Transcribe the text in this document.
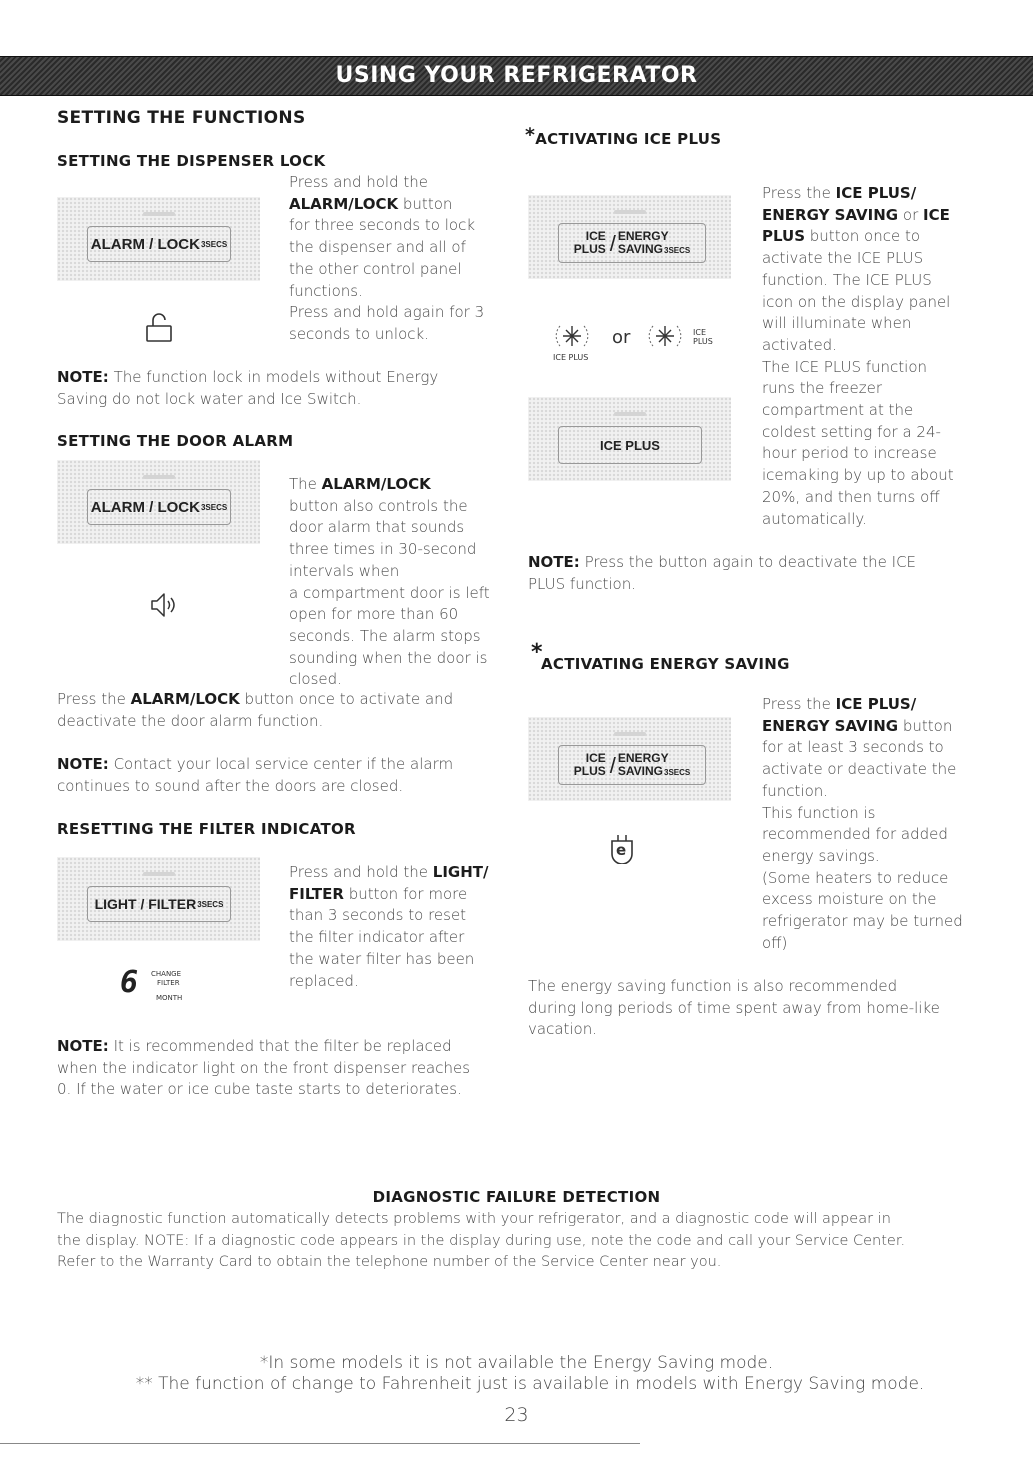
USING YOUR REFRIGERATOR
SETTING THE FUNCTIONS
SETTING THE DISPENSER LOCK
ALARM / LOCK 3SECS
Press and hold the
ALARM/LOCK button
for three seconds to lock
the dispenser and all of
the other control panel
functions.
Press and hold again for 3
seconds to unlock.
NOTE: The function lock in models without Energy
Saving do not lock water and Ice Switch.
SETTING THE DOOR ALARM
ALARM / LOCK 3SECS
The ALARM/LOCK
button also controls the
door alarm that sounds
three times in 30-second
intervals when
a compartment door is left
open for more than 60
seconds. The alarm stops
sounding when the door is
closed.
Press the ALARM/LOCK button once to activate and
deactivate the door alarm function.
NOTE: Contact your local service center if the alarm
continues to sound after the doors are closed.
RESETTING THE FILTER INDICATOR
LIGHT / FILTER 3SECS
6 CHANGE
FILTER
MONTH
Press and hold the LIGHT/
FILTER button for more
than 3 seconds to reset
the filter indicator after
the water filter has been
replaced.
NOTE: It is recommended that the filter be replaced
when the indicator light on the front dispenser reaches
0. If the water or ice cube taste starts to deteriorates.
*ACTIVATING ICE PLUS
ICE
PLUS / ENERGY
SAVING3SECS
ICE PLUS
or	ICE
PLUS
ICE PLUS
Press the ICE PLUS/
ENERGY SAVING or ICE
PLUS button once to
activate the ICE PLUS
function. The ICE PLUS
icon on the display panel
will illuminate when
activated.
The ICE PLUS function
runs the freezer
compartment at the
coldest setting for a 24-
hour period to increase
icemaking by up to about
20%, and then turns off
automatically.
NOTE: Press the button again to deactivate the ICE
PLUS function.
*
ACTIVATING ENERGY SAVING
ICE
PLUS / ENERGY
SAVING3SECS
e
Press the ICE PLUS/
ENERGY SAVING button
for at least 3 seconds to
activate or deactivate the
function.
This function is
recommended for added
energy savings.
(Some heaters to reduce
excess moisture on the
refrigerator may be turned
off)
The energy saving function is also recommended
during long periods of time spent away from home-like
vacation.
DIAGNOSTIC FAILURE DETECTION
The diagnostic function automatically detects problems with your refrigerator, and a diagnostic code will appear in
the display. NOTE: If a diagnostic code appears in the display during use, note the code and call your Service Center.
Refer to the Warranty Card to obtain the telephone number of the Service Center near you.
*In some models it is not available the Energy Saving mode.
** The function of change to Fahrenheit just is available in models with Energy Saving mode.
23
